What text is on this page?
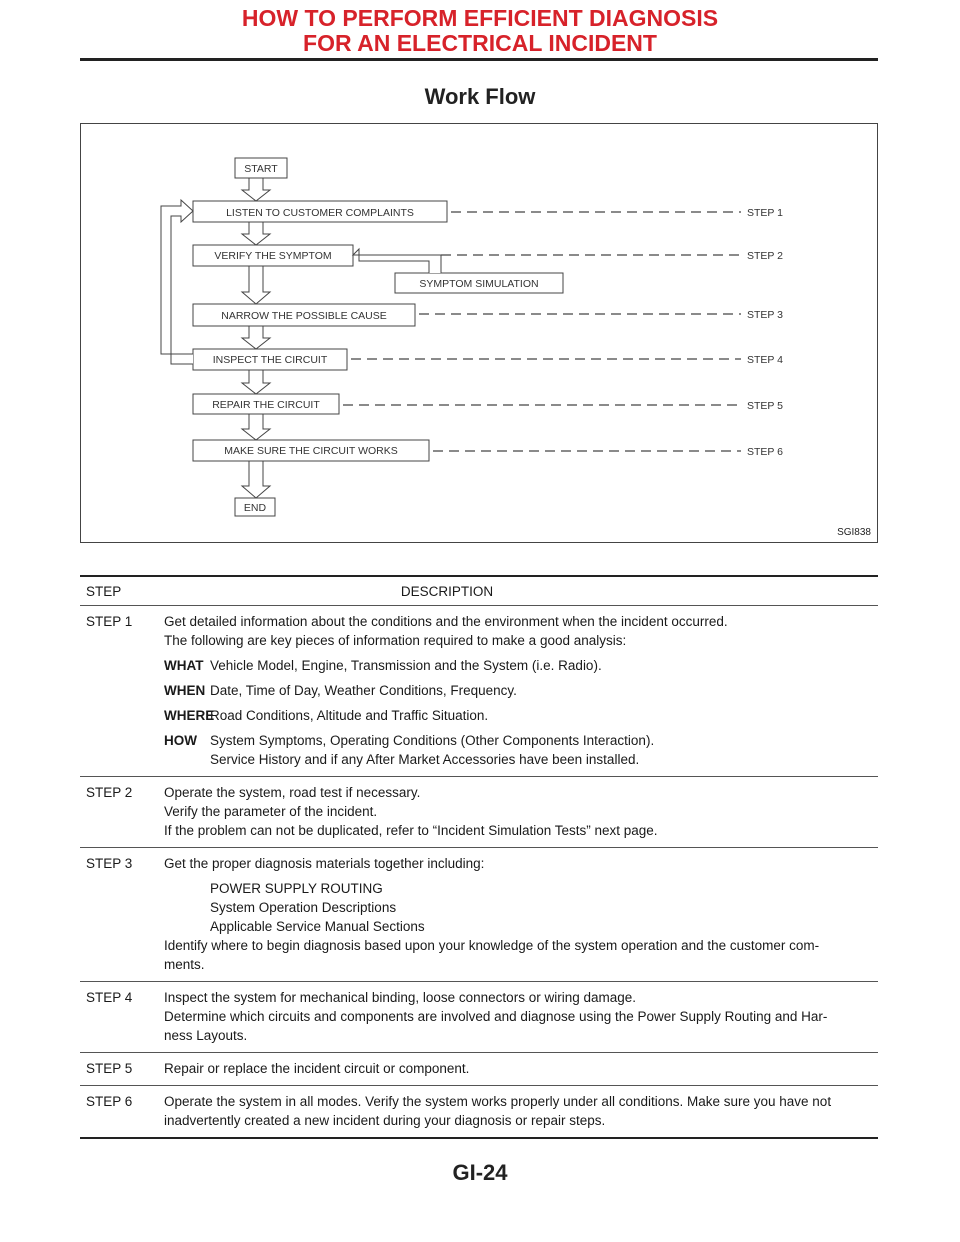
HOW TO PERFORM EFFICIENT DIAGNOSIS
FOR AN ELECTRICAL INCIDENT
Work Flow
START
LISTEN TO CUSTOMER COMPLAINTS
VERIFY THE SYMPTOM
SYMPTOM SIMULATION
NARROW THE POSSIBLE CAUSE
INSPECT THE CIRCUIT
REPAIR THE CIRCUIT
MAKE SURE THE CIRCUIT WORKS
END
STEP 1
STEP 2
STEP 3
STEP 4
STEP 5
STEP 6
SGI838
STEP	DESCRIPTION
STEP 1	Get detailed information about the conditions and the environment when the incident occurred.

The following are key pieces of information required to make a good analysis:

WHAT Vehicle Model, Engine, Transmission and the System (i.e. Radio).
WHEN Date, Time of Day, Weather Conditions, Frequency.
WHERE
Road Conditions, Altitude and Traffic Situation.
HOW System Symptoms, Operating Conditions (Other Components Interaction).
Service History and if any After Market Accessories have been installed.
STEP 2	Operate the system, road test if necessary.

Verify the parameter of the incident.

If the problem can not be duplicated, refer to “Incident Simulation Tests” next page.

STEP 3	Get the proper diagnosis materials together including:

POWER SUPPLY ROUTING
System Operation Descriptions
Applicable Service Manual Sections

Identify where to begin diagnosis based upon your knowledge of the system operation and the customer com-

ments.

STEP 4	Inspect the system for mechanical binding, loose connectors or wiring damage.

Determine which circuits and components are involved and diagnose using the Power Supply Routing and Har-

ness Layouts.

STEP 5	Repair or replace the incident circuit or component.

STEP 6	Operate the system in all modes. Verify the system works properly under all conditions. Make sure you have not

inadvertently created a new incident during your diagnosis or repair steps.

GI-24
